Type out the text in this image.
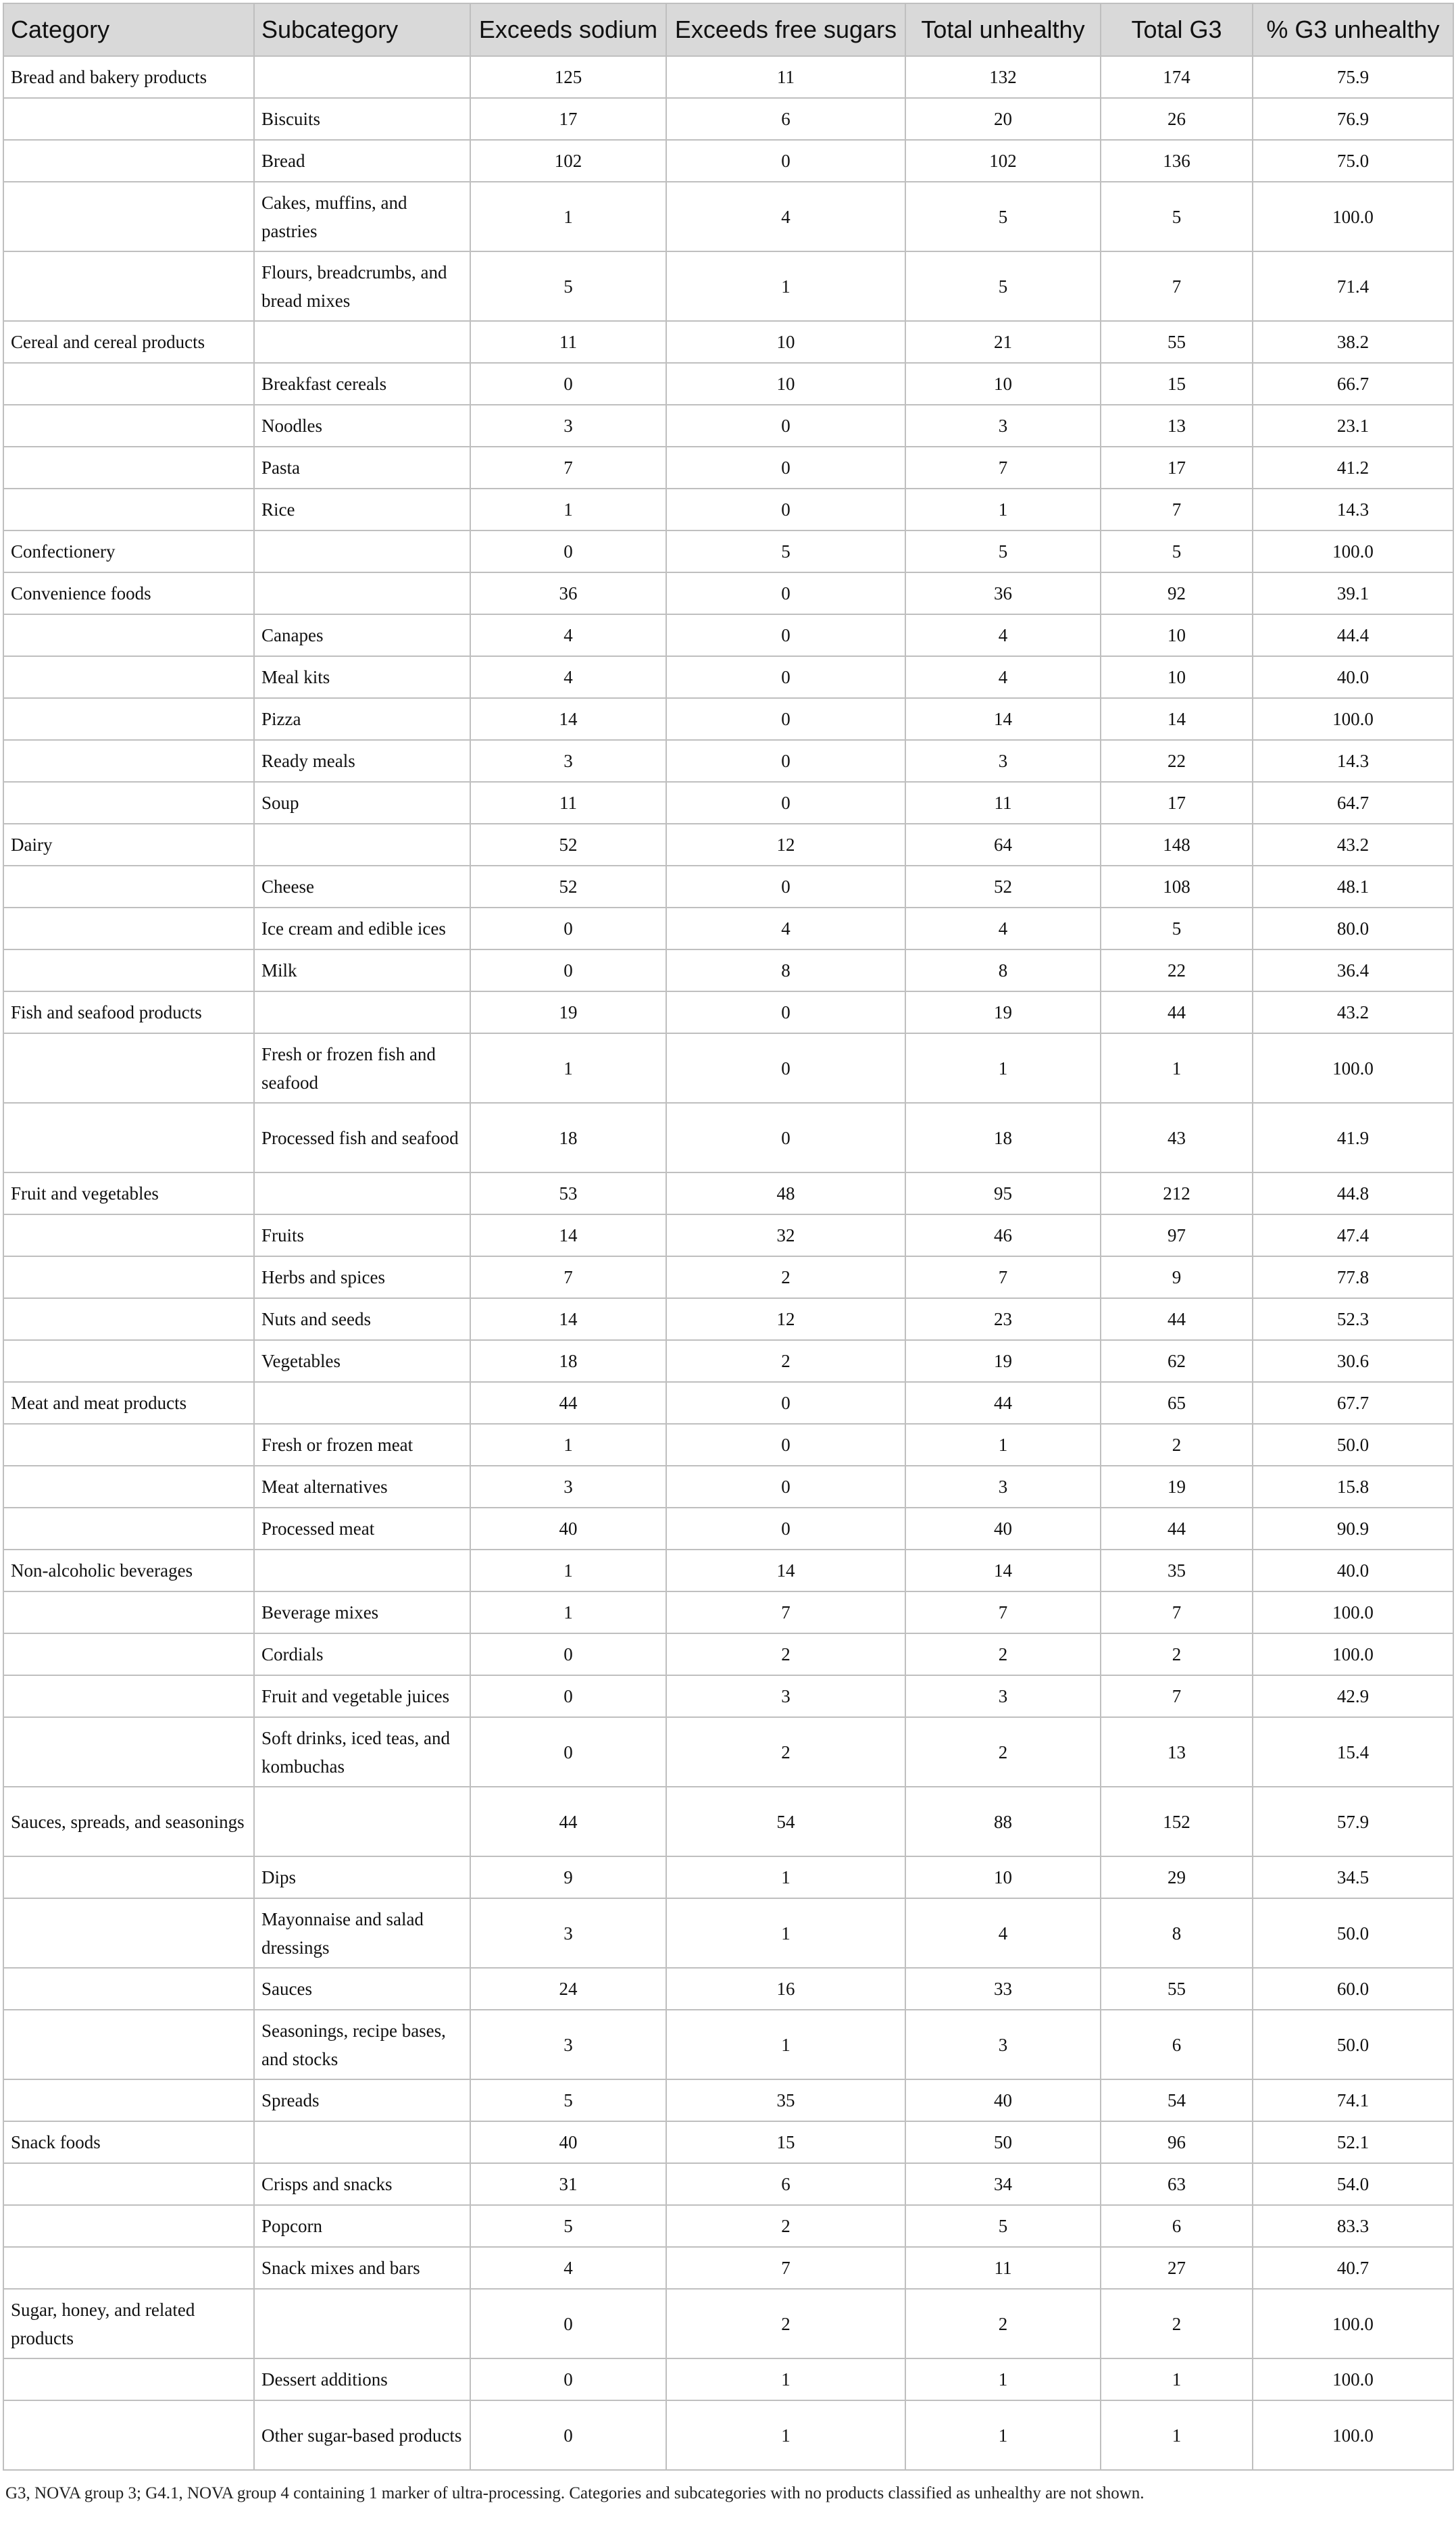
Category	Subcategory	Exceeds sodium	Exceeds free sugars	Total unhealthy	Total G3	% G3 unhealthy
Bread and bakery products		125	11	132	174	75.9
	Biscuits	17	6	20	26	76.9
	Bread	102	0	102	136	75.0
	Cakes, muffins, and pastries	1	4	5	5	100.0
	Flours, breadcrumbs, and bread mixes	5	1	5	7	71.4
Cereal and cereal products		11	10	21	55	38.2
	Breakfast cereals	0	10	10	15	66.7
	Noodles	3	0	3	13	23.1
	Pasta	7	0	7	17	41.2
	Rice	1	0	1	7	14.3
Confectionery		0	5	5	5	100.0
Convenience foods		36	0	36	92	39.1
	Canapes	4	0	4	10	44.4
	Meal kits	4	0	4	10	40.0
	Pizza	14	0	14	14	100.0
	Ready meals	3	0	3	22	14.3
	Soup	11	0	11	17	64.7
Dairy		52	12	64	148	43.2
	Cheese	52	0	52	108	48.1
	Ice cream and edible ices	0	4	4	5	80.0
	Milk	0	8	8	22	36.4
Fish and seafood products		19	0	19	44	43.2
	Fresh or frozen fish and seafood	1	0	1	1	100.0
	Processed fish and seafood	18	0	18	43	41.9
Fruit and vegetables		53	48	95	212	44.8
	Fruits	14	32	46	97	47.4
	Herbs and spices	7	2	7	9	77.8
	Nuts and seeds	14	12	23	44	52.3
	Vegetables	18	2	19	62	30.6
Meat and meat products		44	0	44	65	67.7
	Fresh or frozen meat	1	0	1	2	50.0
	Meat alternatives	3	0	3	19	15.8
	Processed meat	40	0	40	44	90.9
Non-alcoholic beverages		1	14	14	35	40.0
	Beverage mixes	1	7	7	7	100.0
	Cordials	0	2	2	2	100.0
	Fruit and vegetable juices	0	3	3	7	42.9
	Soft drinks, iced teas, and kombuchas	0	2	2	13	15.4
Sauces, spreads, and seasonings		44	54	88	152	57.9
	Dips	9	1	10	29	34.5
	Mayonnaise and salad dressings	3	1	4	8	50.0
	Sauces	24	16	33	55	60.0
	Seasonings, recipe bases, and stocks	3	1	3	6	50.0
	Spreads	5	35	40	54	74.1
Snack foods		40	15	50	96	52.1
	Crisps and snacks	31	6	34	63	54.0
	Popcorn	5	2	5	6	83.3
	Snack mixes and bars	4	7	11	27	40.7
Sugar, honey, and related products		0	2	2	2	100.0
	Dessert additions	0	1	1	1	100.0
	Other sugar-based products	0	1	1	1	100.0
G3, NOVA group 3; G4.1, NOVA group 4 containing 1 marker of ultra-processing. Categories and subcategories with no products classified as unhealthy are not shown.
